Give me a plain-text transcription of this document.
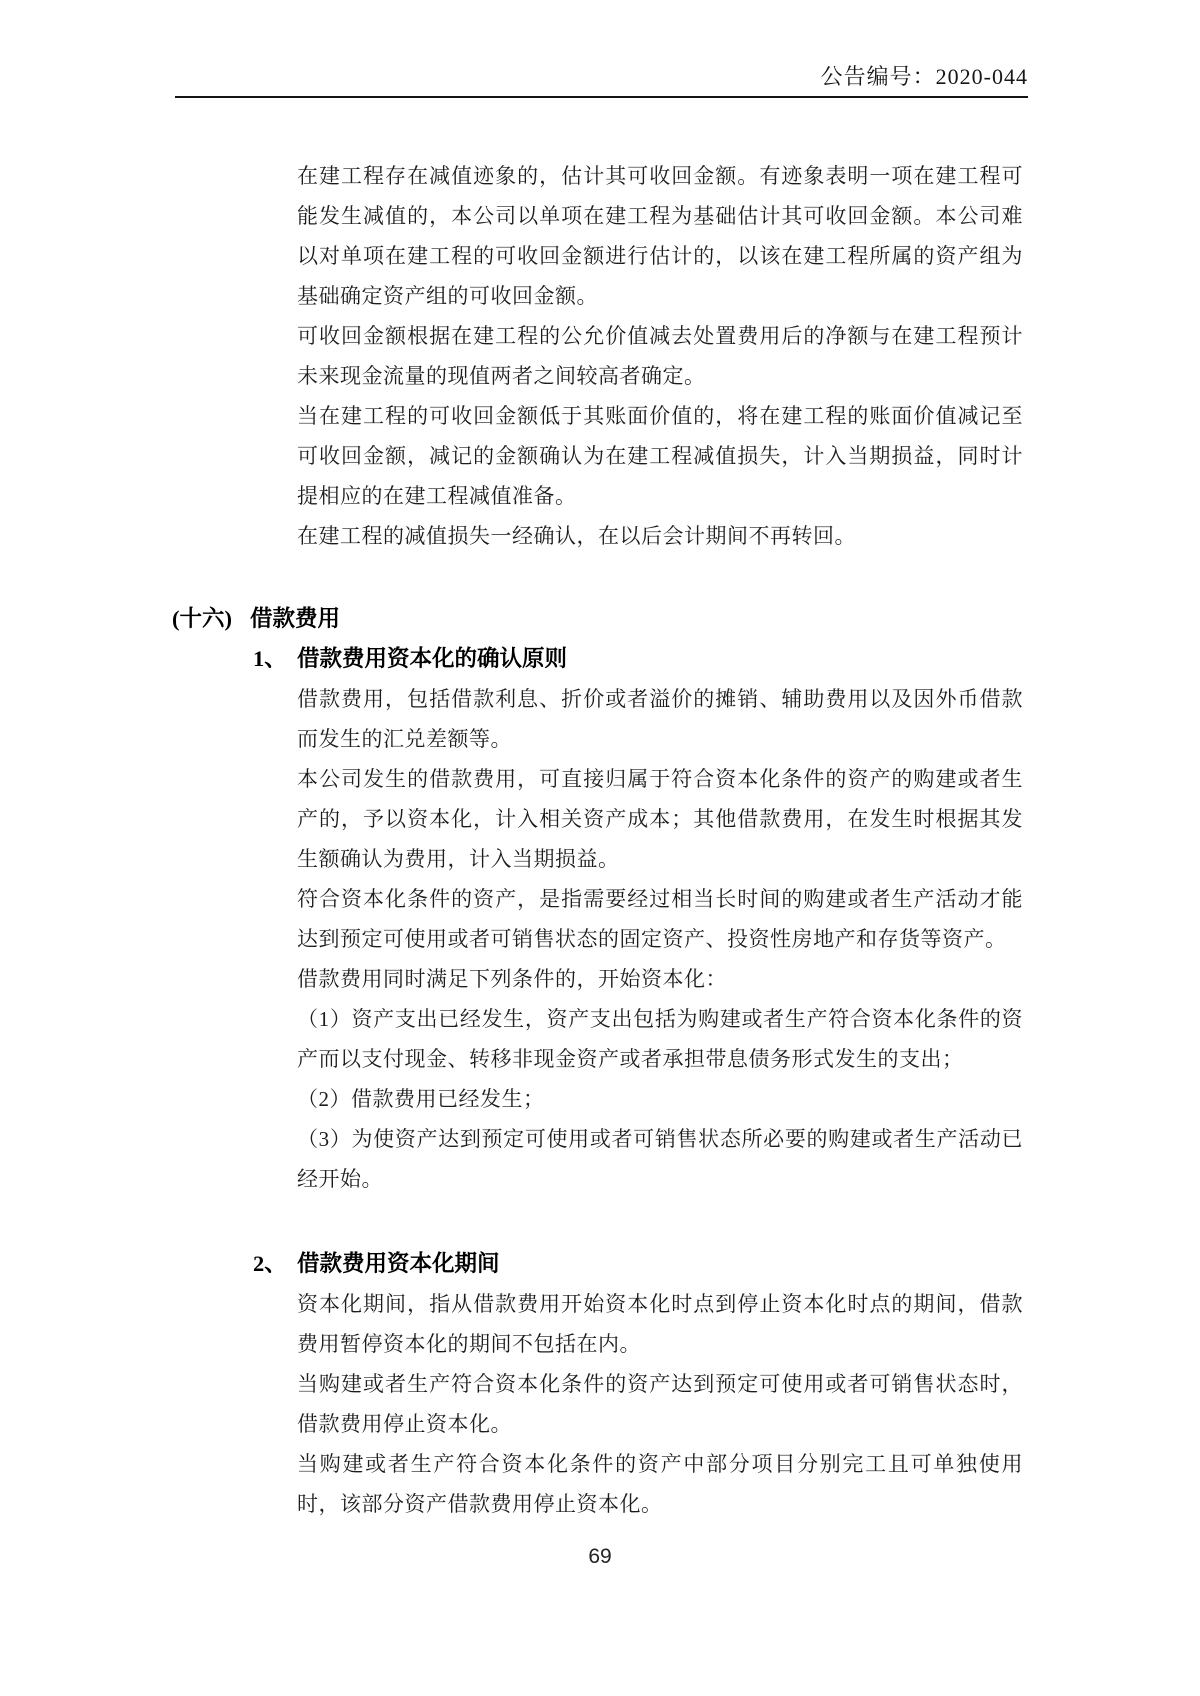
公告编号：2020-044
在建工程存在减值迹象的，估计其可收回金额。有迹象表明一项在建工程可能发生减值的，本公司以单项在建工程为基础估计其可收回金额。本公司难以对单项在建工程的可收回金额进行估计的，以该在建工程所属的资产组为基础确定资产组的可收回金额。
可收回金额根据在建工程的公允价值减去处置费用后的净额与在建工程预计未来现金流量的现值两者之间较高者确定。
当在建工程的可收回金额低于其账面价值的，将在建工程的账面价值减记至可收回金额，减记的金额确认为在建工程减值损失，计入当期损益，同时计提相应的在建工程减值准备。
在建工程的减值损失一经确认，在以后会计期间不再转回。
(十六) 借款费用
1、 借款费用资本化的确认原则
借款费用，包括借款利息、折价或者溢价的摊销、辅助费用以及因外币借款而发生的汇兑差额等。
本公司发生的借款费用，可直接归属于符合资本化条件的资产的购建或者生产的，予以资本化，计入相关资产成本；其他借款费用，在发生时根据其发生额确认为费用，计入当期损益。
符合资本化条件的资产，是指需要经过相当长时间的购建或者生产活动才能达到预定可使用或者可销售状态的固定资产、投资性房地产和存货等资产。
借款费用同时满足下列条件的，开始资本化：
（1）资产支出已经发生，资产支出包括为购建或者生产符合资本化条件的资产而以支付现金、转移非现金资产或者承担带息债务形式发生的支出；
（2）借款费用已经发生；
（3）为使资产达到预定可使用或者可销售状态所必要的购建或者生产活动已经开始。
2、 借款费用资本化期间
资本化期间，指从借款费用开始资本化时点到停止资本化时点的期间，借款费用暂停资本化的期间不包括在内。
当购建或者生产符合资本化条件的资产达到预定可使用或者可销售状态时，借款费用停止资本化。
当购建或者生产符合资本化条件的资产中部分项目分别完工且可单独使用时，该部分资产借款费用停止资本化。
69
